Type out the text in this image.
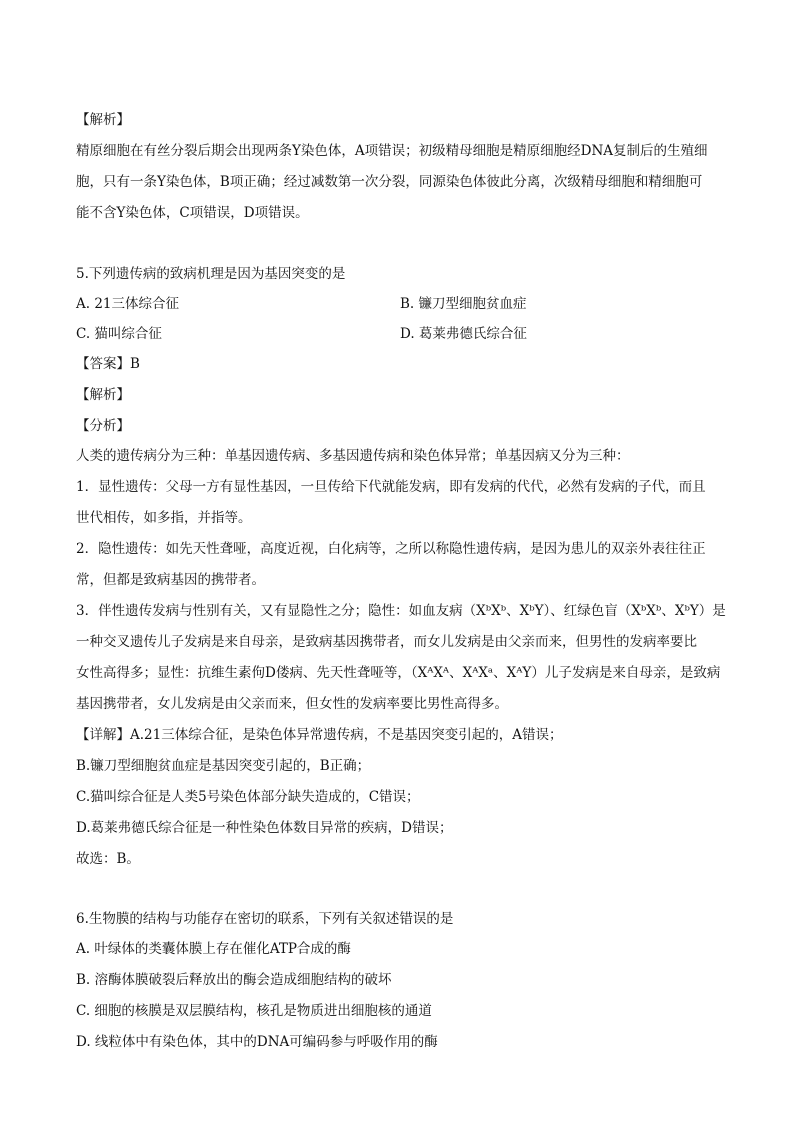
【解析】
精原细胞在有丝分裂后期会出现两条Y染色体，A项错误；初级精母细胞是精原细胞经DNA复制后的生殖细
胞，只有一条Y染色体，B项正确；经过减数第一次分裂，同源染色体彼此分离，次级精母细胞和精细胞可
能不含Y染色体，C项错误，D项错误。
5.下列遗传病的致病机理是因为基因突变的是
A. 21三体综合征	B. 镰刀型细胞贫血症
C. 猫叫综合征	D. 葛莱弗德氏综合征
【答案】B
【解析】
【分析】
人类的遗传病分为三种：单基因遗传病、多基因遗传病和染色体异常；单基因病又分为三种：
1．显性遗传：父母一方有显性基因，一旦传给下代就能发病，即有发病的代代，必然有发病的子代，而且
世代相传，如多指，并指等。
2．隐性遗传：如先天性聋哑，高度近视，白化病等，之所以称隐性遗传病，是因为患儿的双亲外表往往正
常，但都是致病基因的携带者。
3．伴性遗传发病与性别有关，又有显隐性之分；隐性：如血友病（XᵇXᵇ、XᵇY）、红绿色盲（XᵇXᵇ、XᵇY）是
一种交叉遗传儿子发病是来自母亲，是致病基因携带者，而女儿发病是由父亲而来，但男性的发病率要比
女性高得多；显性：抗维生素佝D偻病、先天性聋哑等，（XᴬXᴬ、XᴬXᵃ、XᴬY）儿子发病是来自母亲，是致病
基因携带者，女儿发病是由父亲而来，但女性的发病率要比男性高得多。
【详解】A.21三体综合征，是染色体异常遗传病，不是基因突变引起的，A错误；
B.镰刀型细胞贫血症是基因突变引起的，B正确；
C.猫叫综合征是人类5号染色体部分缺失造成的，C错误；
D.葛莱弗德氏综合征是一种性染色体数目异常的疾病，D错误；
故选：B。
6.生物膜的结构与功能存在密切的联系，下列有关叙述错误的是
A. 叶绿体的类囊体膜上存在催化ATP合成的酶
B. 溶酶体膜破裂后释放出的酶会造成细胞结构的破坏
C. 细胞的核膜是双层膜结构，核孔是物质进出细胞核的通道
D. 线粒体中有染色体，其中的DNA可编码参与呼吸作用的酶
